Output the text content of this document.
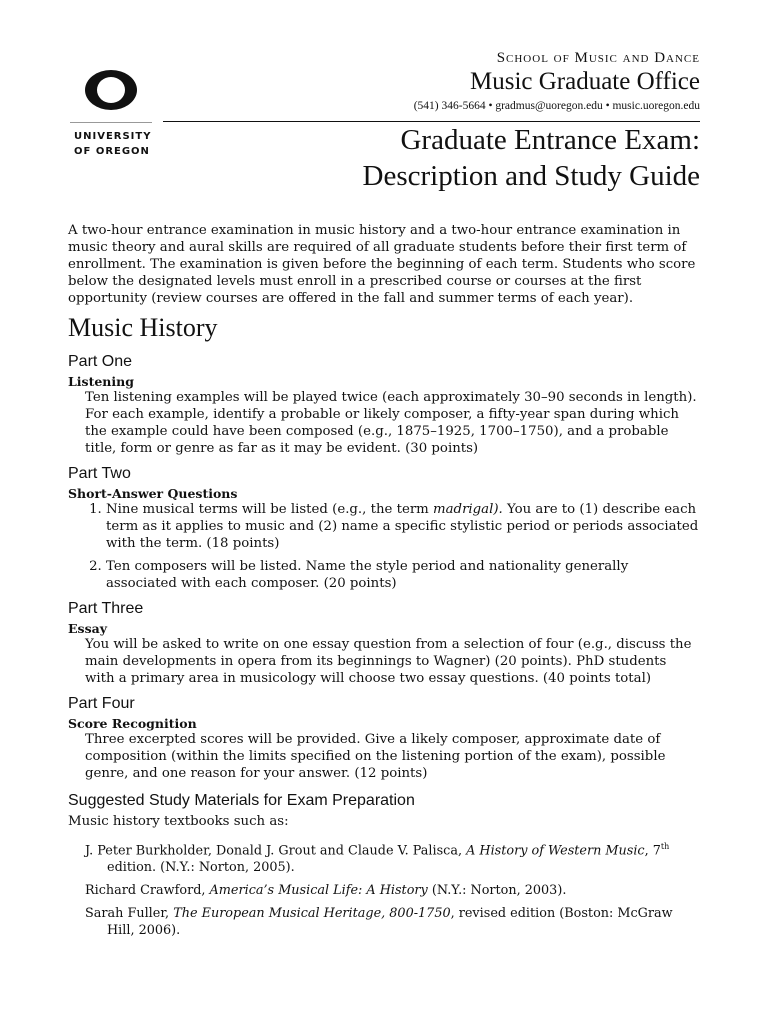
UNIVERSITY
OF OREGON
School of Music and Dance
Music Graduate Office
(541) 346-5664 • gradmus@uoregon.edu • music.uoregon.edu
Graduate Entrance Exam:
Description and Study Guide

A two-hour entrance examination in music history and a two-hour entrance examination in music theory and aural skills are required of all graduate students before their first term of enrollment. The examination is given before the beginning of each term. Students who score below the designated levels must enroll in a prescribed course or courses at the first opportunity (review courses are offered in the fall and summer terms of each year).

Music History
Part One
Listening

Ten listening examples will be played twice (each approximately 30–90 seconds in length). For each example, identify a probable or likely composer, a fifty-year span during which the example could have been composed (e.g., 1875–1925, 1700–1750), and a probable title, form or genre as far as it may be evident. (30 points)

Part Two
Short-Answer Questions
1. Nine musical terms will be listed (e.g., the term madrigal). You are to (1) describe each term as it applies to music and (2) name a specific stylistic period or periods associated with the term. (18 points)
2. Ten composers will be listed. Name the style period and nationality generally associated with each composer. (20 points)
Part Three
Essay

You will be asked to write on one essay question from a selection of four (e.g., discuss the main developments in opera from its beginnings to Wagner) (20 points). PhD students with a primary area in musicology will choose two essay questions. (40 points total)

Part Four
Score Recognition

Three excerpted scores will be provided. Give a likely composer, approximate date of composition (within the limits specified on the listening portion of the exam), possible genre, and one reason for your answer. (12 points)

Suggested Study Materials for Exam Preparation

Music history textbooks such as:

J. Peter Burkholder, Donald J. Grout and Claude V. Palisca, A History of Western Music, 7th edition. (N.Y.: Norton, 2005).

Richard Crawford, America’s Musical Life: A History (N.Y.: Norton, 2003).

Sarah Fuller, The European Musical Heritage, 800-1750, revised edition (Boston: McGraw Hill, 2006).
